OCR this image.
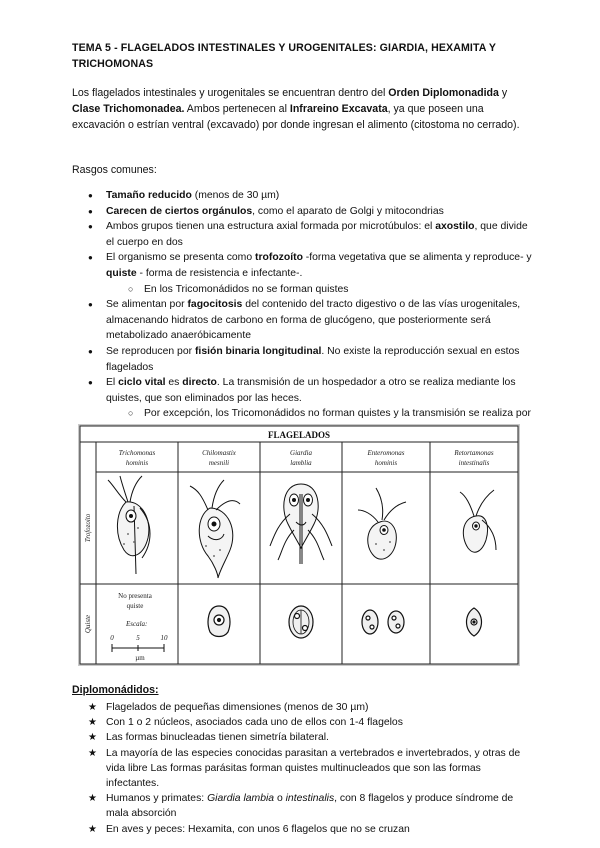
TEMA 5 - FLAGELADOS INTESTINALES Y UROGENITALES: GIARDIA, HEXAMITA Y TRICHOMONAS
Los flagelados intestinales y urogenitales se encuentran dentro del Orden Diplomonadida y Clase Trichomonadea. Ambos pertenecen al Infrareino Excavata, ya que poseen una excavación o estrían ventral (excavado) por donde ingresan el alimento (citostoma no cerrado).
Rasgos comunes:
● Tamaño reducido (menos de 30 µm)
● Carecen de ciertos orgánulos, como el aparato de Golgi y mitocondrias
● Ambos grupos tienen una estructura axial formada por microtúbulos: el axostilo, que divide el cuerpo en dos
● El organismo se presenta como trofozoíto -forma vegetativa que se alimenta y reproduce- y quiste - forma de resistencia e infectante-.
○ En los Tricomonádidos no se forman quistes
● Se alimentan por fagocitosis del contenido del tracto digestivo o de las vías urogenitales, almacenando hidratos de carbono en forma de glucógeno, que posteriormente será metabolizado anaeróbicamente
● Se reproducen por fisión binaria longitudinal. No existe la reproducción sexual en estos flagelados
● El ciclo vital es directo. La transmisión de un hospedador a otro se realiza mediante los quistes, que son eliminados por las heces.
○ Por excepción, los Tricomonádidos no forman quistes y la transmisión se realiza por
FLAGELADOS
Trichomonas
hominis
Chilomastix
mesnili
Giardia
lamblia
Enteromonas
hominis
Retortamonas
intestinalis
Trofozoíto
Quiste
No presenta
quiste
Escala:
0	5	10
µm
Diplomonádidos:
★ Flagelados de pequeñas dimensiones (menos de 30 µm)
★ Con 1 o 2 núcleos, asociados cada uno de ellos con 1-4 flagelos
★ Las formas binucleadas tienen simetría bilateral.
★ La mayoría de las especies conocidas parasitan a vertebrados e invertebrados, y otras de vida libre Las formas parásitas forman quistes multinucleados que son las formas infectantes.
★ Humanos y primates: Giardia lambia o intestinalis, con 8 flagelos y produce síndrome de mala absorción
★ En aves y peces: Hexamita, con unos 6 flagelos que no se cruzan
